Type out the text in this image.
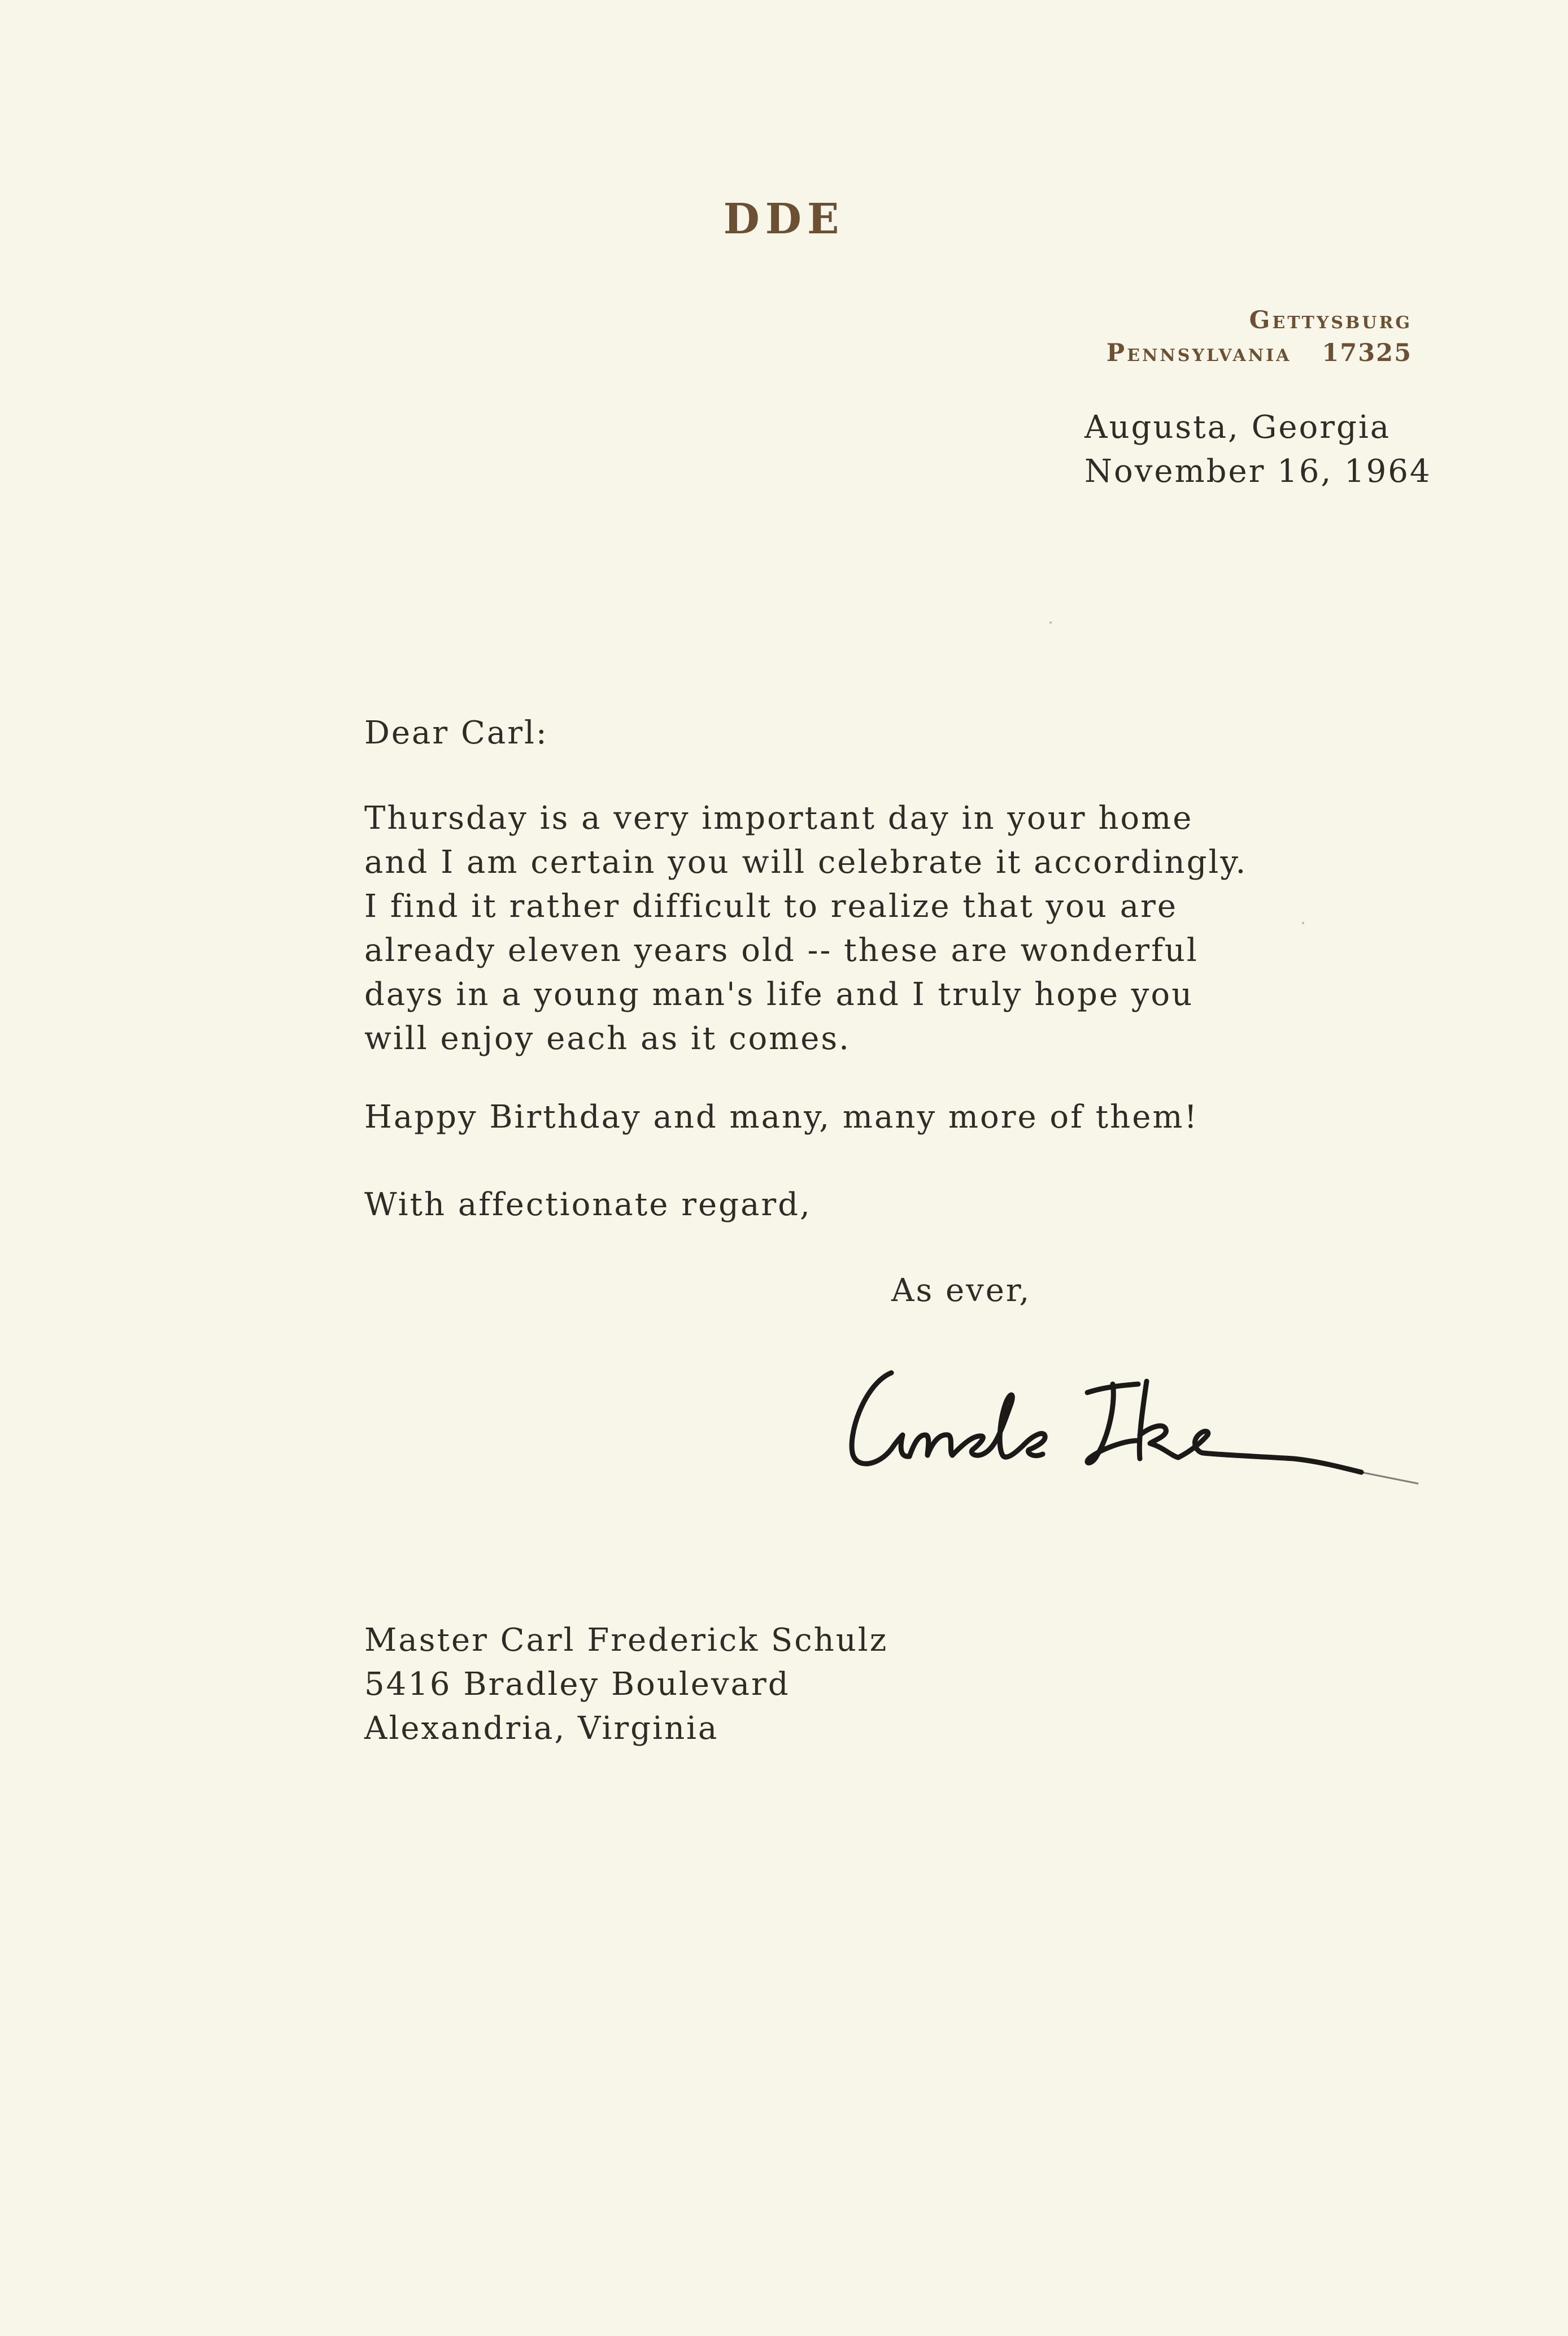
DDE
Gettysburg
Pennsylvania 17325
Augusta, Georgia
November 16, 1964
Dear Carl:
Thursday is a very important day in your home
and I am certain you will celebrate it accordingly.
I find it rather difficult to realize that you are
already eleven years old -- these are wonderful
days in a young man's life and I truly hope you
will enjoy each as it comes.
Happy Birthday and many, many more of them!
With affectionate regard,
As ever,
Master Carl Frederick Schulz
5416 Bradley Boulevard
Alexandria, Virginia
